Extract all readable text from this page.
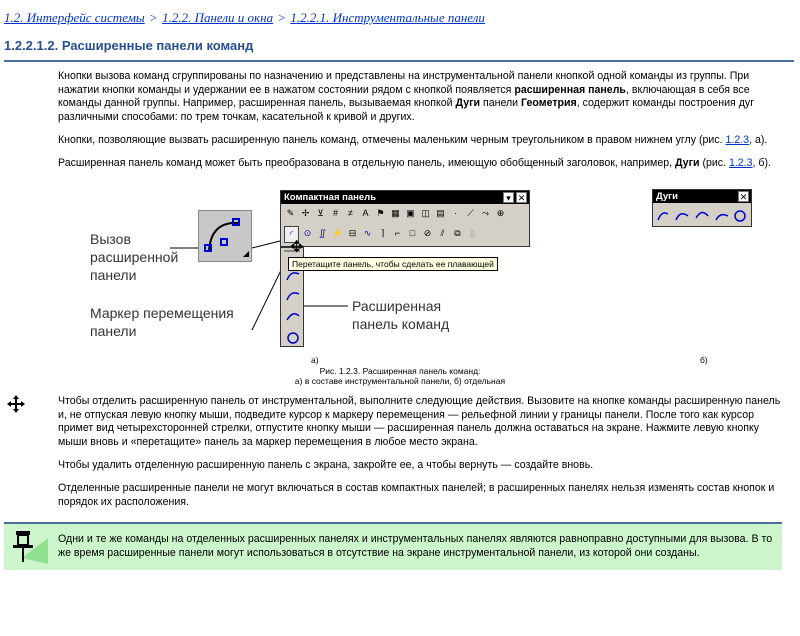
1.2. Интерфейс системы > 1.2.2. Панели и окна > 1.2.2.1. Инструментальные панели
1.2.2.1.2. Расширенные панели команд
Кнопки вызова команд сгруппированы по назначению и представлены на инструментальной панели кнопкой одной команды из группы. При нажатии кнопки команды и удержании ее в нажатом состоянии рядом с кнопкой появляется расширенная панель, включающая в себя все команды данной группы. Например, расширенная панель, вызываемая кнопкой Дуги панели Геометрия, содержит команды построения дуг различными способами: по трем точкам, касательной к кривой и других.
Кнопки, позволяющие вызвать расширенную панель команд, отмечены маленьким черным треугольником в правом нижнем углу (рис. 1.2.3, а).
Расширенная панель команд может быть преобразована в отдельную панель, имеющую обобщенный заголовок, например, Дуги (рис. 1.2.3, б).
Вызов
расширенной
панели
Маркер перемещения
панели
Расширенная
панель команд
Компактная панель	▾ ✕
✎ ✢ ⊻	#	≠	A ⚑ ▦ ▣ ◫ ▤	·	⟋ ⤳ ⊕
◜	⊙ ∬ ⚡ ⊟ ∿	⌉	⌐	□ ⊘	⫽	⧉	▯
✥
Перетащите панель, чтобы сделать ее плавающей
Дуги	✕
а)	б)
Рис. 1.2.3. Расширенная панель команд:
а) в составе инструментальной панели, б) отдельная
Чтобы отделить расширенную панель от инструментальной, выполните следующие действия. Вызовите на кнопке команды расширенную панель и, не отпуская левую кнопку мыши, подведите курсор к маркеру перемещения — рельефной линии у границы панели. После того как курсор примет вид четырехсторонней стрелки, отпустите кнопку мыши — расширенная панель должна оставаться на экране. Нажмите левую кнопку мыши вновь и «перетащите» панель за маркер перемещения в любое место экрана.
Чтобы удалить отделенную расширенную панель с экрана, закройте ее, а чтобы вернуть — создайте вновь.
Отделенные расширенные панели не могут включаться в состав компактных панелей; в расширенных панелях нельзя изменять состав кнопок и порядок их расположения.
Одни и те же команды на отделенных расширенных панелях и инструментальных панелях являются равноправно доступными для вызова. В то же время расширенные панели могут использоваться в отсутствие на экране инструментальной панели, из которой они созданы.
